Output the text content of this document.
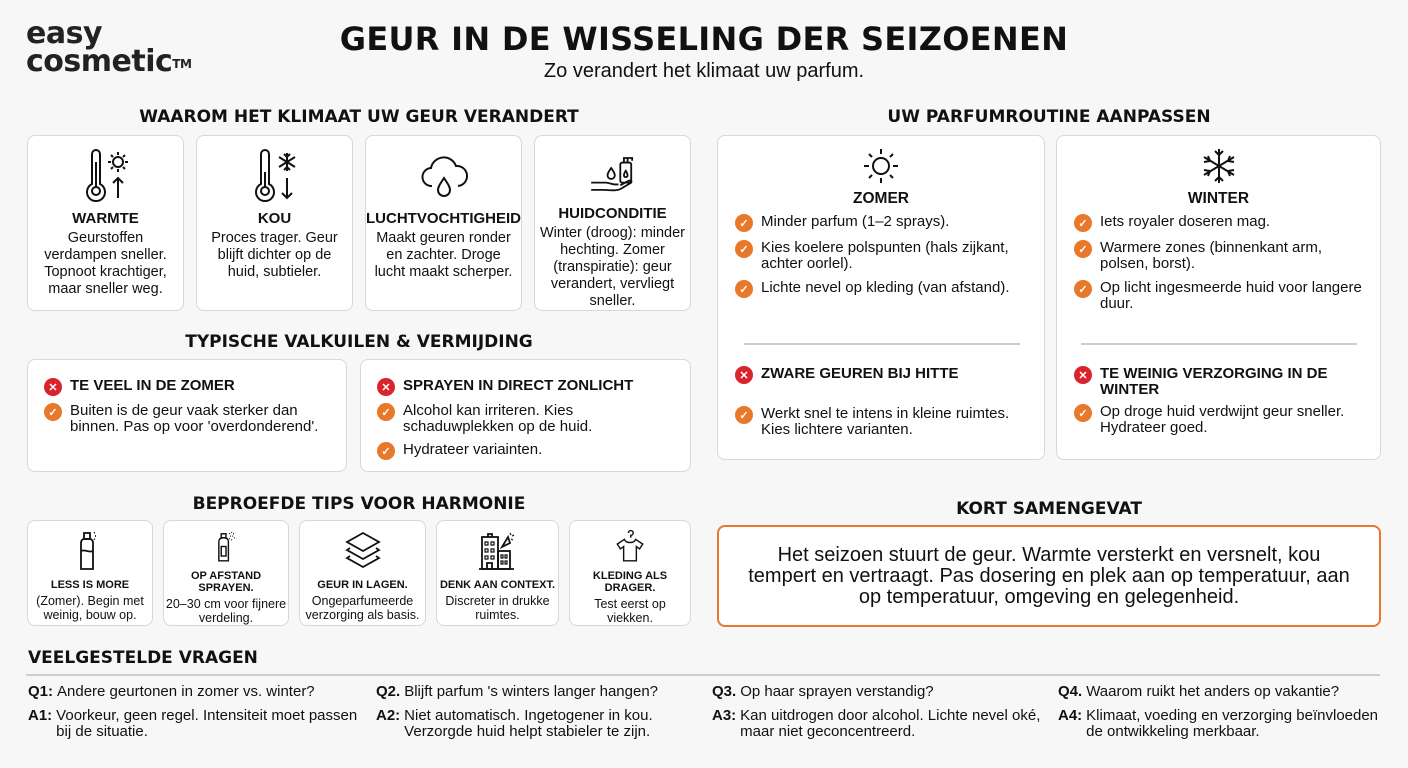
easy
cosmetic™
GEUR IN DE WISSELING DER SEIZOENEN
Zo verandert het klimaat uw parfum.
WAAROM HET KLIMAAT UW GEUR VERANDERT
WARMTE
Geurstoffen verdampen sneller. Topnoot krachtiger, maar sneller weg.
KOU
Proces trager. Geur blijft dichter op de huid, subtieler.
LUCHTVOCHTIGHEID
Maakt geuren ronder en zachter. Droge lucht maakt scherper.
HUIDCONDITIE
Winter (droog): minder hechting. Zomer (transpiratie): geur verandert, vervliegt sneller.
TYPISCHE VALKUILEN & VERMIJDING
✕ TE VEEL IN DE ZOMER
✓ Buiten is de geur vaak sterker dan binnen. Pas op voor 'overdonderend'.
✕ SPRAYEN IN DIRECT ZONLICHT
✓ Alcohol kan irriteren. Kies schaduwplekken op de huid.
✓ Hydrateer variainten.
BEPROEFDE TIPS VOOR HARMONIE
LESS IS MORE
(Zomer). Begin met weinig, bouw op.
OP AFSTAND SPRAYEN.
20–30 cm voor fijnere verdeling.
GEUR IN LAGEN.
Ongeparfumeerde verzorging als basis.
DENK AAN CONTEXT.
Discreter in drukke ruimtes.
KLEDING ALS DRAGER.
Test eerst op viekken.
UW PARFUMROUTINE AANPASSEN
ZOMER
✓ Minder parfum (1–2 sprays).
✓ Kies koelere polspunten (hals zijkant, achter oorlel).
✓ Lichte nevel op kleding (van afstand).
✕ ZWARE GEUREN BIJ HITTE
✓ Werkt snel te intens in kleine ruimtes. Kies lichtere varianten.
WINTER
✓ Iets royaler doseren mag.
✓ Warmere zones (binnenkant arm, polsen, borst).
✓ Op licht ingesmeerde huid voor langere duur.
✕ TE WEINIG VERZORGING IN DE WINTER
✓ Op droge huid verdwijnt geur sneller. Hydrateer goed.
KORT SAMENGEVAT
Het seizoen stuurt de geur. Warmte versterkt en versnelt, kou tempert en vertraagt. Pas dosering en plek aan op temperatuur, aan op temperatuur, omgeving en gelegenheid.
VEELGESTELDE VRAGEN
Q1: Andere geurtonen in zomer vs. winter?
A1: Voorkeur, geen regel. Intensiteit moet passen bij de situatie.
Q2. Blijft parfum 's winters langer hangen?
A2: Niet automatisch. Ingetogener in kou. Verzorgde huid helpt stabieler te zijn.
Q3. Op haar sprayen verstandig?
A3: Kan uitdrogen door alcohol. Lichte nevel oké, maar niet geconcentreerd.
Q4. Waarom ruikt het anders op vakantie?
A4: Klimaat, voeding en verzorging beïnvloeden de ontwikkeling merkbaar.
